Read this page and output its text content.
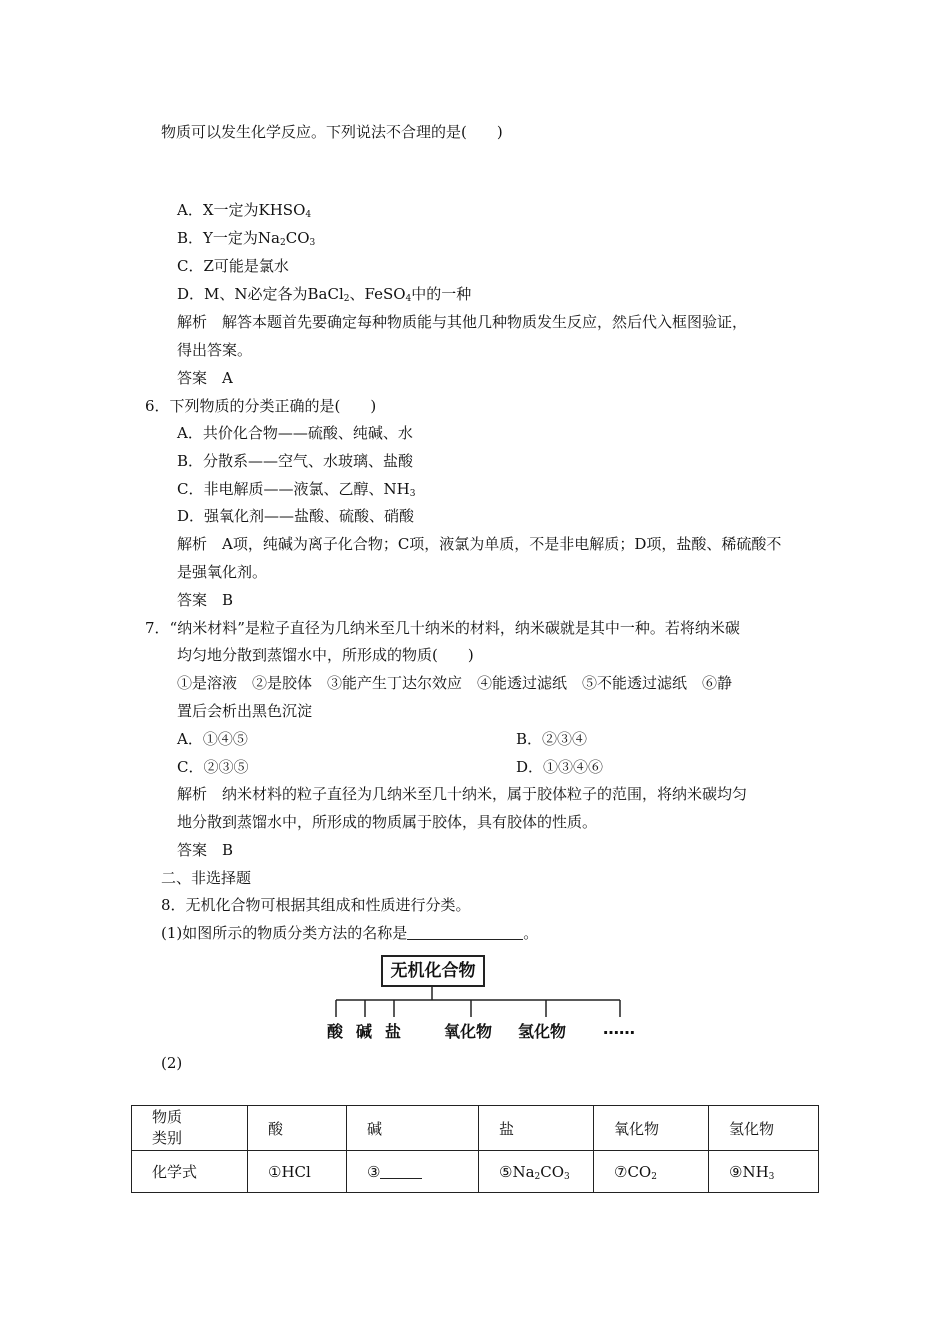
物质可以发生化学反应。下列说法不合理的是(　　)
A．X一定为$KHSO_4$
B．Y一定为$Na_2CO_3$
C．Z可能是氯水
D．M、N必定各为BaCl$_2$、FeSO$_4$中的一种
解析　解答本题首先要确定每种物质能与其他几种物质发生反应，然后代入框图验证，
得出答案。
答案　A
6．下列物质的分类正确的是(　　)
A．共价化合物——硫酸、纯碱、水
B．分散系——空气、水玻璃、盐酸
C．非电解质——液氯、乙醇、$NH_3$
D．强氧化剂——盐酸、硫酸、硝酸
解析　A项，纯碱为离子化合物；C项，液氯为单质，不是非电解质；D项，盐酸、稀硫酸不
是强氧化剂。
答案　B
7．“纳米材料”是粒子直径为几纳米至几十纳米的材料，纳米碳就是其中一种。若将纳米碳
均匀地分散到蒸馏水中，所形成的物质(　　)
①是溶液　②是胶体　③能产生丁达尔效应　④能透过滤纸　⑤不能透过滤纸　⑥静
置后会析出黑色沉淀
A．①④⑤	B．②③④
C．②③⑤	D．①③④⑥
解析　纳米材料的粒子直径为几纳米至几十纳米，属于胶体粒子的范围，将纳米碳均匀
地分散到蒸馏水中，所形成的物质属于胶体，具有胶体的性质。
答案　B
二、非选择题
8．无机化合物可根据其组成和性质进行分类。
(1)如图所示的物质分类方法的名称是	。
无机化合物
酸 碱 盐	氧化物 氢化物 ……
(2)
物质
类别	酸	碱	盐	氧化物	氢化物
化学式	①HCl	③	$⑤Na_2CO_3$	$⑦CO_2$	$⑨NH_3$
